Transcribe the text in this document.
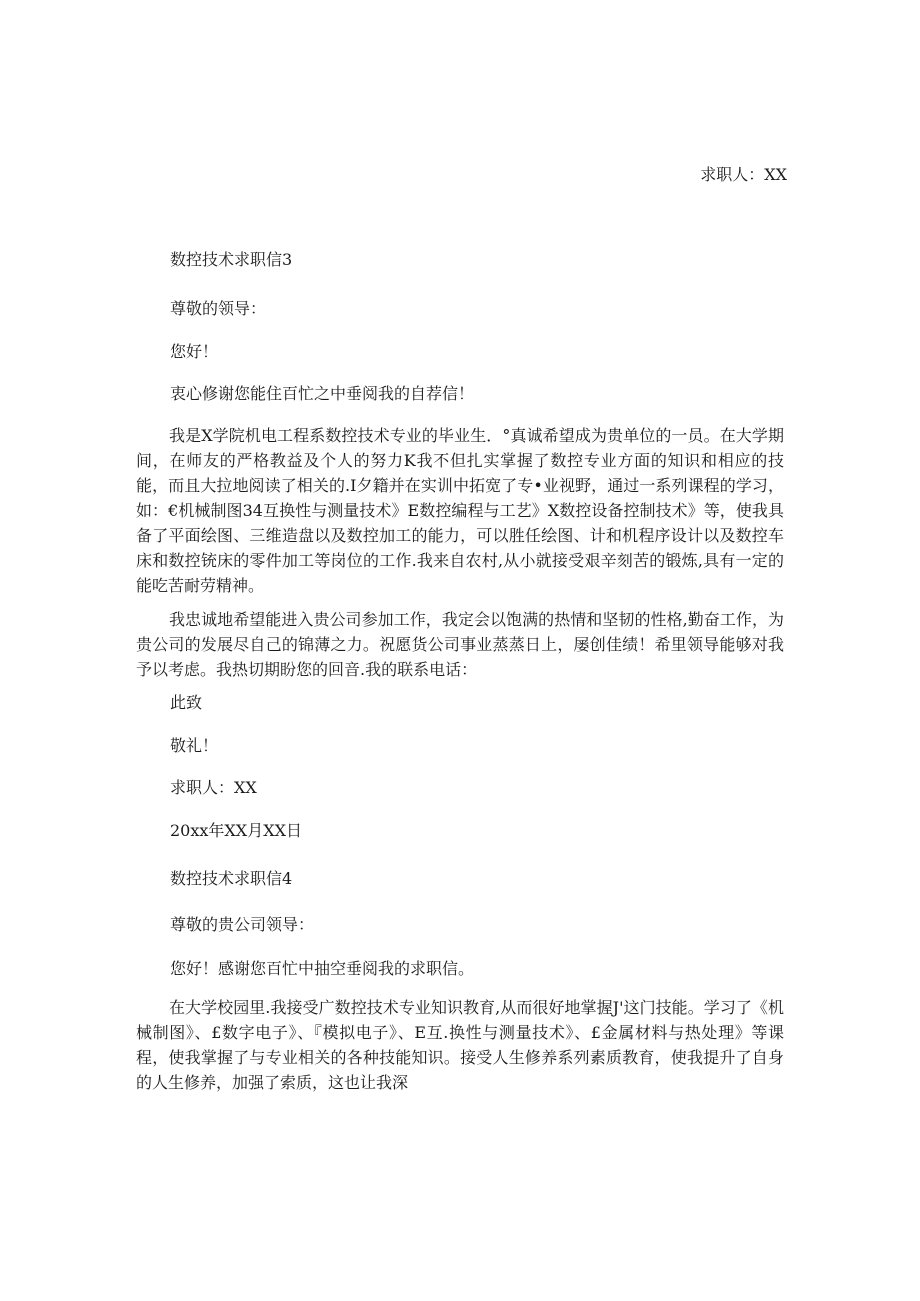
求职人：XX
数控技术求职信3
尊敬的领导：
您好！
衷心修谢您能住百忙之中垂阅我的自荐信！
我是X学院机电工程系数控技术专业的毕业生．°真诚希望成为贵单位的一员。在大学期间，在师友的严格教益及个人的努力K我不但扎实掌握了数控专业方面的知识和相应的技能，而且大拉地阅读了相关的.I夕籍并在实训中拓宽了专•业视野，通过一系列课程的学习，如：€机械制图34互换性与测量技术》E数控编程与工艺》X数控设备控制技术》等，使我具备了平面绘图、三维造盘以及数控加工的能力，可以胜任绘图、计和机程序设计以及数控车床和数控铳床的零件加工等岗位的工作.我来自农村,从小就接受艰辛刻苦的锻炼,具有一定的能吃苦耐劳精神。
我忠诚地希望能进入贵公司参加工作，我定会以饱满的热情和坚韧的性格,勤奋工作，为贵公司的发展尽自己的锦薄之力。祝愿货公司事业蒸蒸日上，屡创佳绩！希里领导能够对我予以考虑。我热切期盼您的回音.我的联系电话：
此致
敬礼！
求职人：XX
20xx年XX月XX日
数控技术求职信4
尊敬的贵公司领导：
您好！感谢您百忙中抽空垂阅我的求职信。
在大学校园里.我接受广数控技术专业知识教育,从而很好地掌握J'这门技能。学习了《机械制图》、£数字电子》、『模拟电子》、E互.换性与测量技术》、£金属材料与热处理》等课程，使我掌握了与专业相关的各种技能知识。接受人生修养系列素质教育，使我提升了自身的人生修养，加强了索质，这也让我深
